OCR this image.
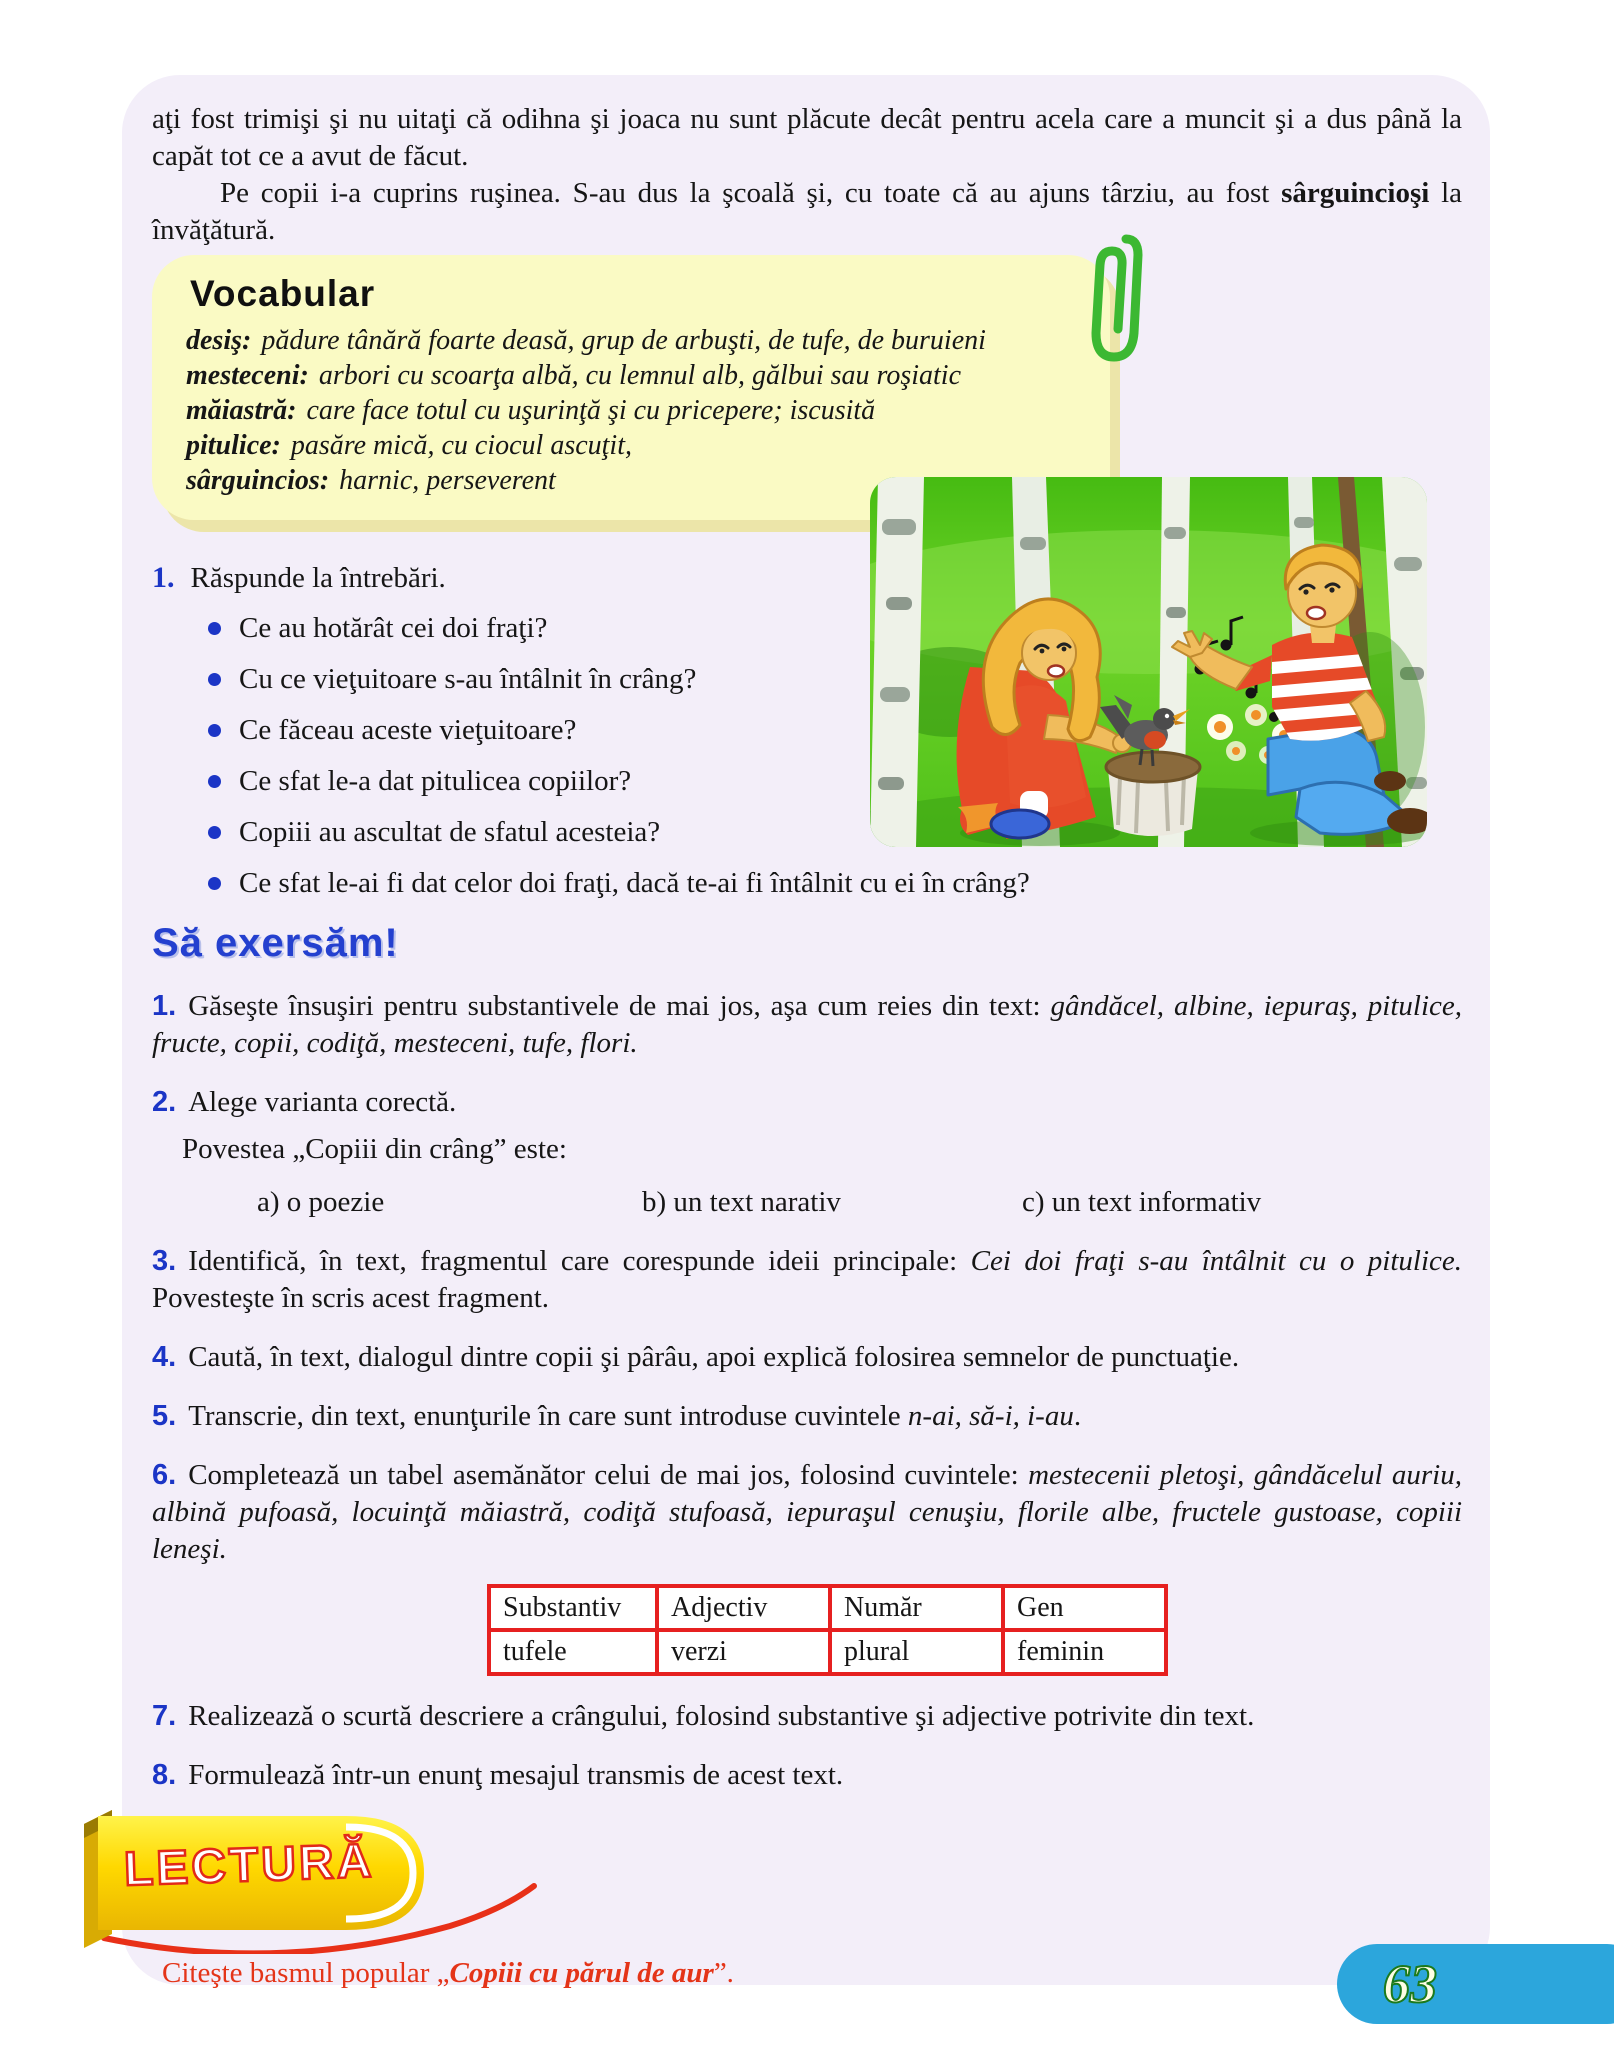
aţi fost trimişi şi nu uitaţi că odihna şi joaca nu sunt plăcute decât pentru acela care a muncit şi a dus până la capăt tot ce a avut de făcut.

Pe copii i-a cuprins ruşinea. S-au dus la şcoală şi, cu toate că au ajuns târziu, au fost sârguincioşi la învăţătură.

Vocabular
desiş: pădure tânără foarte deasă, grup de arbuşti, de tufe, de buruieni
mesteceni: arbori cu scoarţa albă, cu lemnul alb, gălbui sau roşiatic
măiastră: care face totul cu uşurinţă şi cu pricepere; iscusită
pitulice: pasăre mică, cu ciocul ascuţit,
sârguincios: harnic, perseverent
1. Răspunde la întrebări.
Ce au hotărât cei doi fraţi?
Cu ce vieţuitoare s-au întâlnit în crâng?
Ce făceau aceste vieţuitoare?
Ce sfat le-a dat pitulicea copiilor?
Copiii au ascultat de sfatul acesteia?
Ce sfat le-ai fi dat celor doi fraţi, dacă te-ai fi întâlnit cu ei în crâng?
Să exersăm!
1. Găseşte însuşiri pentru substantivele de mai jos, aşa cum reies din text: gândăcel, albine, iepuraş, pitulice, fructe, copii, codiţă, mesteceni, tufe, flori.
2. Alege varianta corectă.
Povestea „Copiii din crâng” este:
a) o poezie	b) un text narativ	c) un text informativ
3. Identifică, în text, fragmentul care corespunde ideii principale: Cei doi fraţi s-au întâlnit cu o pitulice. Povesteşte în scris acest fragment.
4. Caută, în text, dialogul dintre copii şi pârâu, apoi explică folosirea semnelor de punctuaţie.
5. Transcrie, din text, enunţurile în care sunt introduse cuvintele n-ai, să-i, i-au.
6. Completează un tabel asemănător celui de mai jos, folosind cuvintele: mestecenii pletoşi, gândăcelul auriu, albină pufoasă, locuinţă măiastră, codiţă stufoasă, iepuraşul cenuşiu, florile albe, fructele gustoase, copiii leneşi.
Substantiv	Adjectiv	Număr	Gen
tufele	verzi	plural	feminin
7. Realizează o scurtă descriere a crângului, folosind substantive şi adjective potrivite din text.
8. Formulează într-un enunţ mesajul transmis de acest text.
LECTURĂ
Citeşte basmul popular „Copiii cu părul de aur”.	63
